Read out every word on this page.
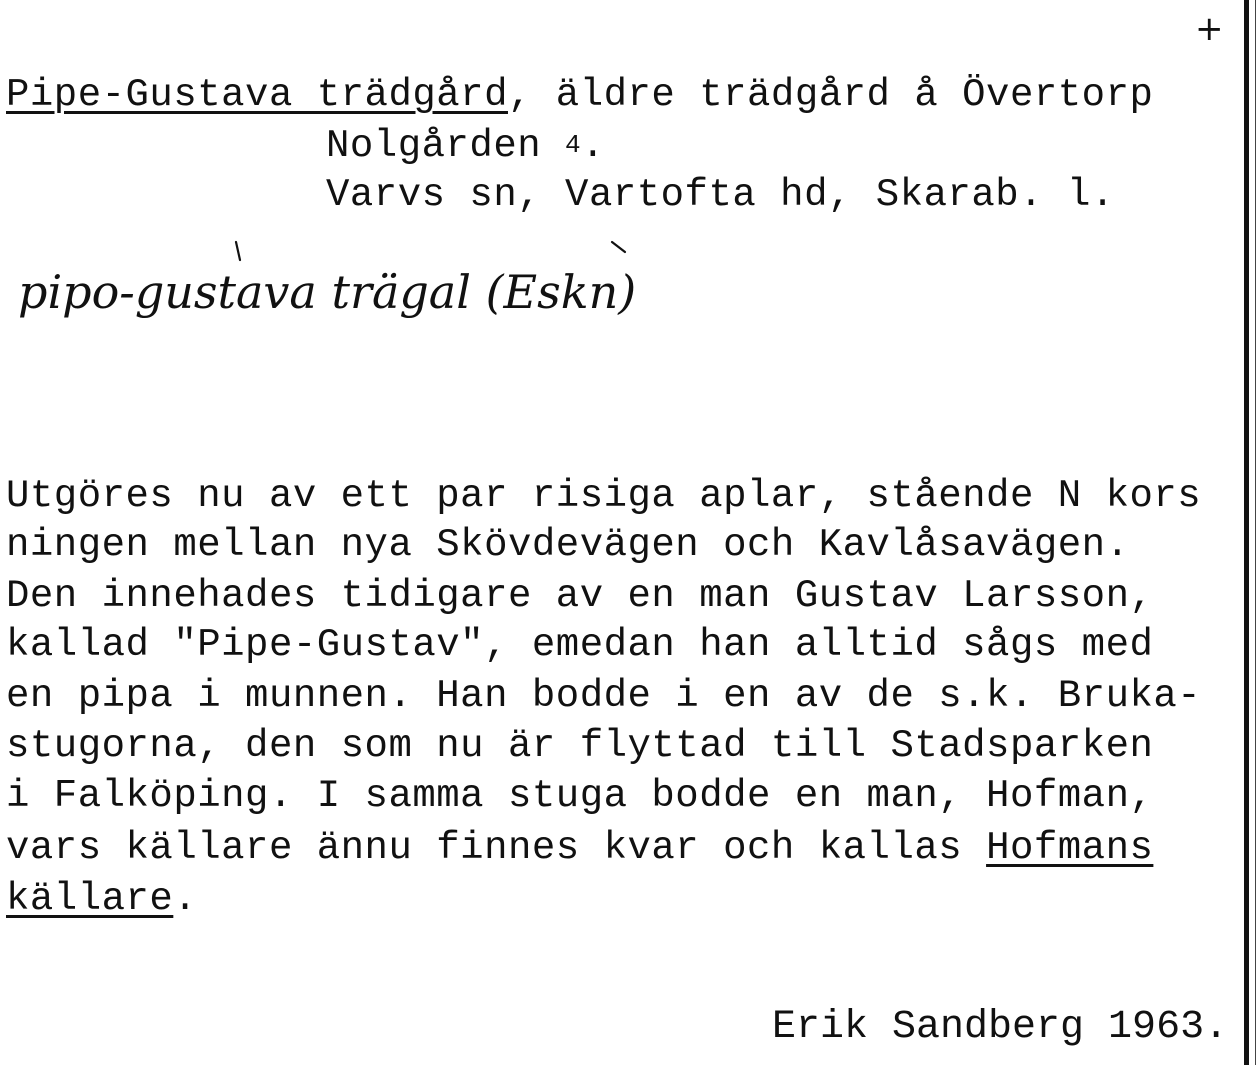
+
Pipe-Gustava trädgård, äldre trädgård å Övertorp
Nolgården $^4$.
Varvs sn, Vartofta hd, Skarab. l.
pipo-gustava trägal (Eskn)
Utgöres nu av ett par risiga aplar, stående N kors
ningen mellan nya Skövdevägen och Kavlåsavägen.
Den innehades tidigare av en man Gustav Larsson,
kallad "Pipe-Gustav", emedan han alltid sågs med
en pipa i munnen. Han bodde i en av de s.k. Bruka-
stugorna, den som nu är flyttad till Stadsparken
i Falköping. I samma stuga bodde en man, Hofman,
vars källare ännu finnes kvar och kallas Hofmans
källare.
Erik Sandberg 1963.
